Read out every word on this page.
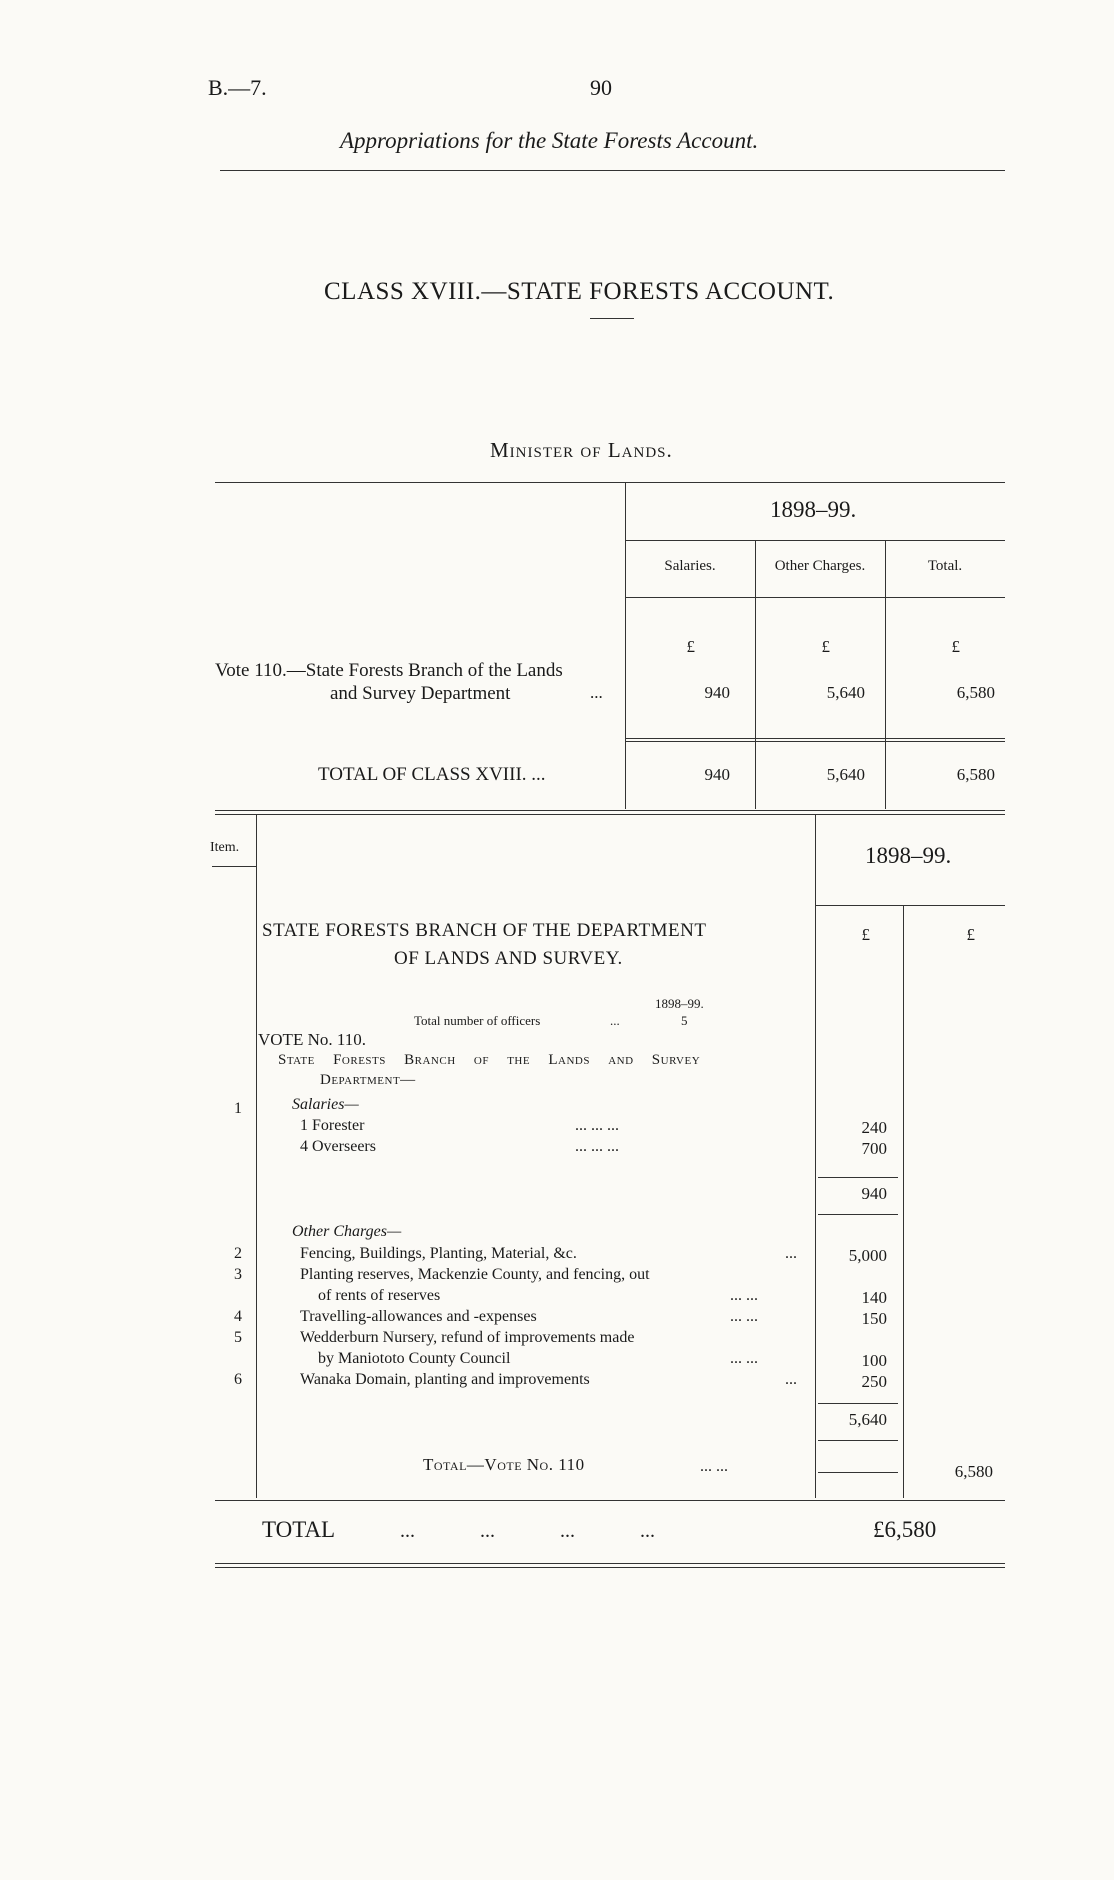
B.—7.	90
Appropriations for the State Forests Account.
CLASS XVIII.—STATE FORESTS ACCOUNT.
Minister of Lands.
1898–99.
Salaries.	Other Charges.	Total.
£	£	£
Vote 110.—State Forests Branch of the Lands
and Survey Department	...	940	5,640	6,580
TOTAL OF CLASS XVIII. ...	940	5,640	6,580
Item.	1898–99.
£	£
STATE FORESTS BRANCH OF THE DEPARTMENT
OF LANDS AND SURVEY.
1898–99.
Total number of officers	...	5
VOTE No. 110.
State Forests Branch of the Lands and Survey
Department—
Salaries—
1
1 Forester	... ... ...	240
4 Overseers	... ... ...	700
940
Other Charges—
2	Fencing, Buildings, Planting, Material, &c.	...	5,000
3	Planting reserves, Mackenzie County, and fencing, out
of rents of reserves	... ...	140
4	Travelling-allowances and -expenses	... ...	150
5	Wedderburn Nursery, refund of improvements made
by Maniototo County Council	... ...	100
6	Wanaka Domain, planting and improvements	...	250
5,640
Total—Vote No. 110	... ...	6,580
TOTAL	... ... ... ...	£6,580
